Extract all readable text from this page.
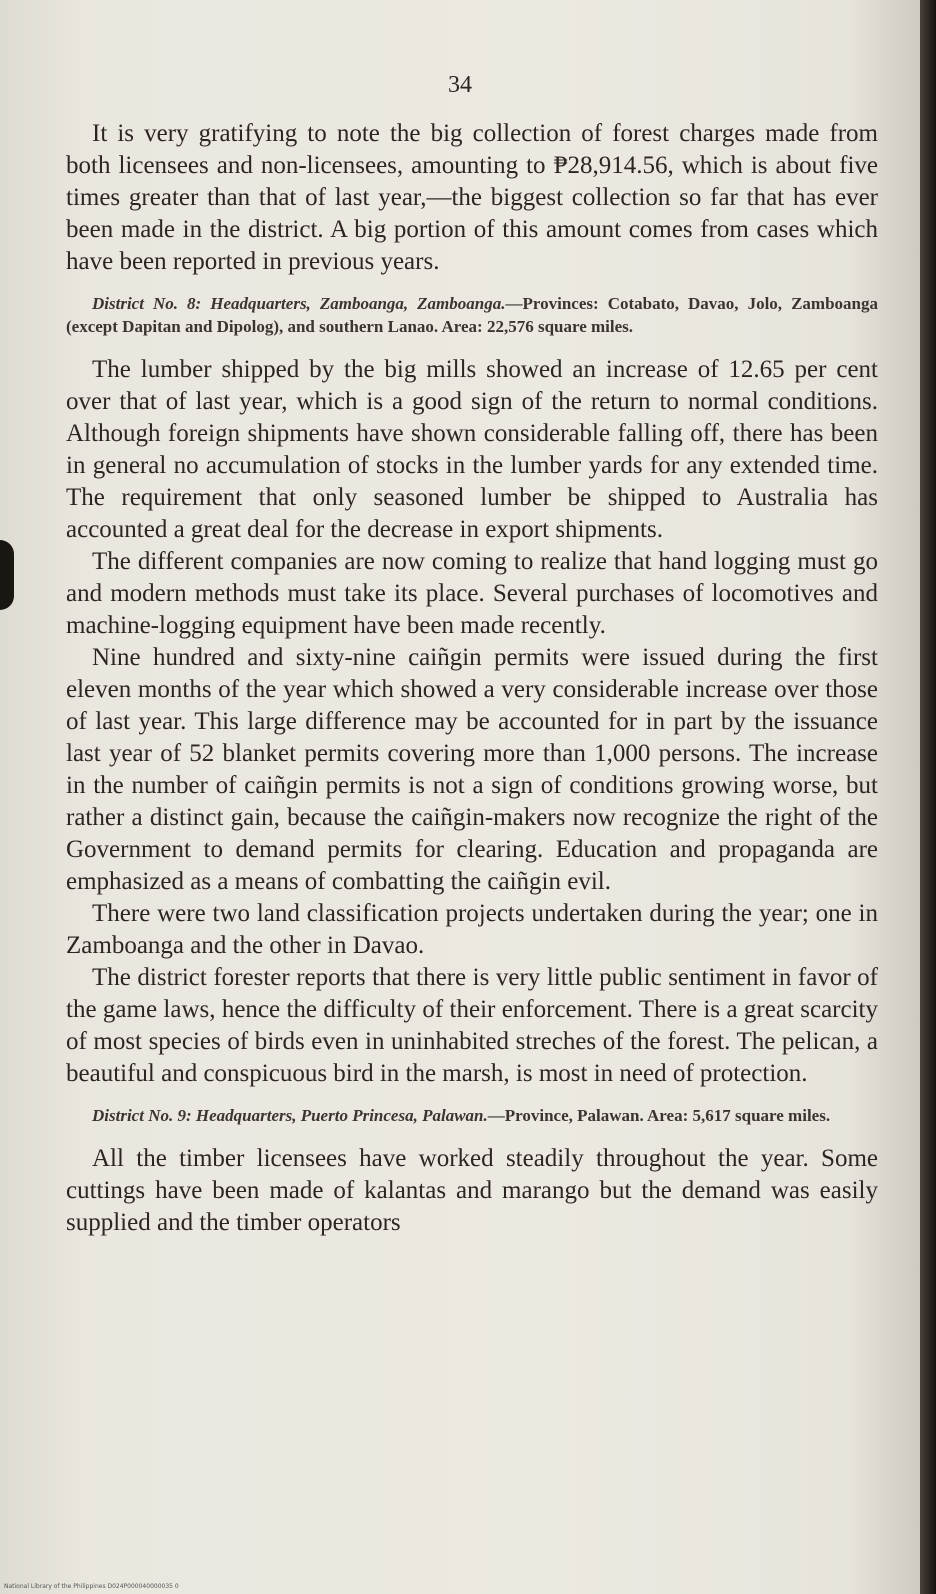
34

It is very gratifying to note the big collection of forest charges made from both licensees and non-licensees, amounting to ₱28,914.56, which is about five times greater than that of last year,—the biggest collection so far that has ever been made in the district. A big portion of this amount comes from cases which have been reported in previous years.

District No. 8: Headquarters, Zamboanga, Zamboanga.—Provinces: Cotabato, Davao, Jolo, Zamboanga (except Dapitan and Dipolog), and southern Lanao. Area: 22,576 square miles.

The lumber shipped by the big mills showed an increase of 12.65 per cent over that of last year, which is a good sign of the return to normal conditions. Although foreign shipments have shown considerable falling off, there has been in general no accumulation of stocks in the lumber yards for any extended time. The requirement that only seasoned lumber be shipped to Australia has accounted a great deal for the decrease in export shipments.

The different companies are now coming to realize that hand logging must go and modern methods must take its place. Several purchases of locomotives and machine-logging equipment have been made recently.

Nine hundred and sixty-nine caiñgin permits were issued during the first eleven months of the year which showed a very considerable increase over those of last year. This large difference may be accounted for in part by the issuance last year of 52 blanket permits covering more than 1,000 persons. The increase in the number of caiñgin permits is not a sign of conditions growing worse, but rather a distinct gain, because the caiñgin-makers now recognize the right of the Government to demand permits for clearing. Education and propaganda are emphasized as a means of combatting the caiñgin evil.

There were two land classification projects undertaken during the year; one in Zamboanga and the other in Davao.

The district forester reports that there is very little public sentiment in favor of the game laws, hence the difficulty of their enforcement. There is a great scarcity of most species of birds even in uninhabited streches of the forest. The pelican, a beautiful and conspicuous bird in the marsh, is most in need of protection.

District No. 9: Headquarters, Puerto Princesa, Palawan.—Province, Palawan. Area: 5,617 square miles.

All the timber licensees have worked steadily throughout the year. Some cuttings have been made of kalantas and marango but the demand was easily supplied and the timber operators

National Library of the Philippines D024P000040000035 0
